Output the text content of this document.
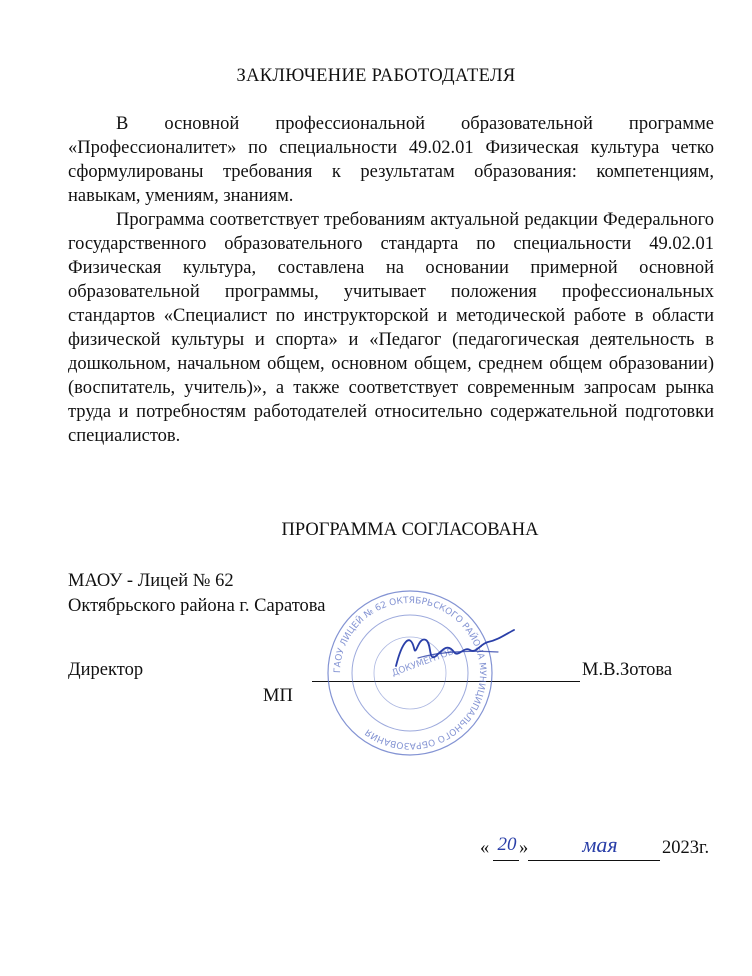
ЗАКЛЮЧЕНИЕ РАБОТОДАТЕЛЯ

В основной профессиональной образовательной программе «Профессионалитет» по специальности 49.02.01 Физическая культура четко сформулированы требования к результатам образования: компетенциям, навыкам, умениям, знаниям.

Программа соответствует требованиям актуальной редакции Федерального государственного образовательного стандарта по специальности 49.02.01 Физическая культура, составлена на основании примерной основной образовательной программы, учитывает положения профессиональных стандартов «Специалист по инструкторской и методической работе в области физической культуры и спорта» и «Педагог (педагогическая деятельность в дошкольном, начальном общем, основном общем, среднем общем образовании) (воспитатель, учитель)», а также соответствует современным запросам рынка труда и потребностям работодателей относительно содержательной подготовки специалистов.

ПРОГРАММА СОГЛАСОВАНА
МАОУ - Лицей № 62
Октябрьского района г. Саратова
Директор	М.В.Зотова
МП
ГАОУ ЛИЦЕЙ № 62 ОКТЯБРЬСКОГО РАЙОНА МУНИЦИПАЛЬНОГО ОБРАЗОВАНИЯ
ДОКУМЕНТОВ
« 20 »	мая	2023г.
